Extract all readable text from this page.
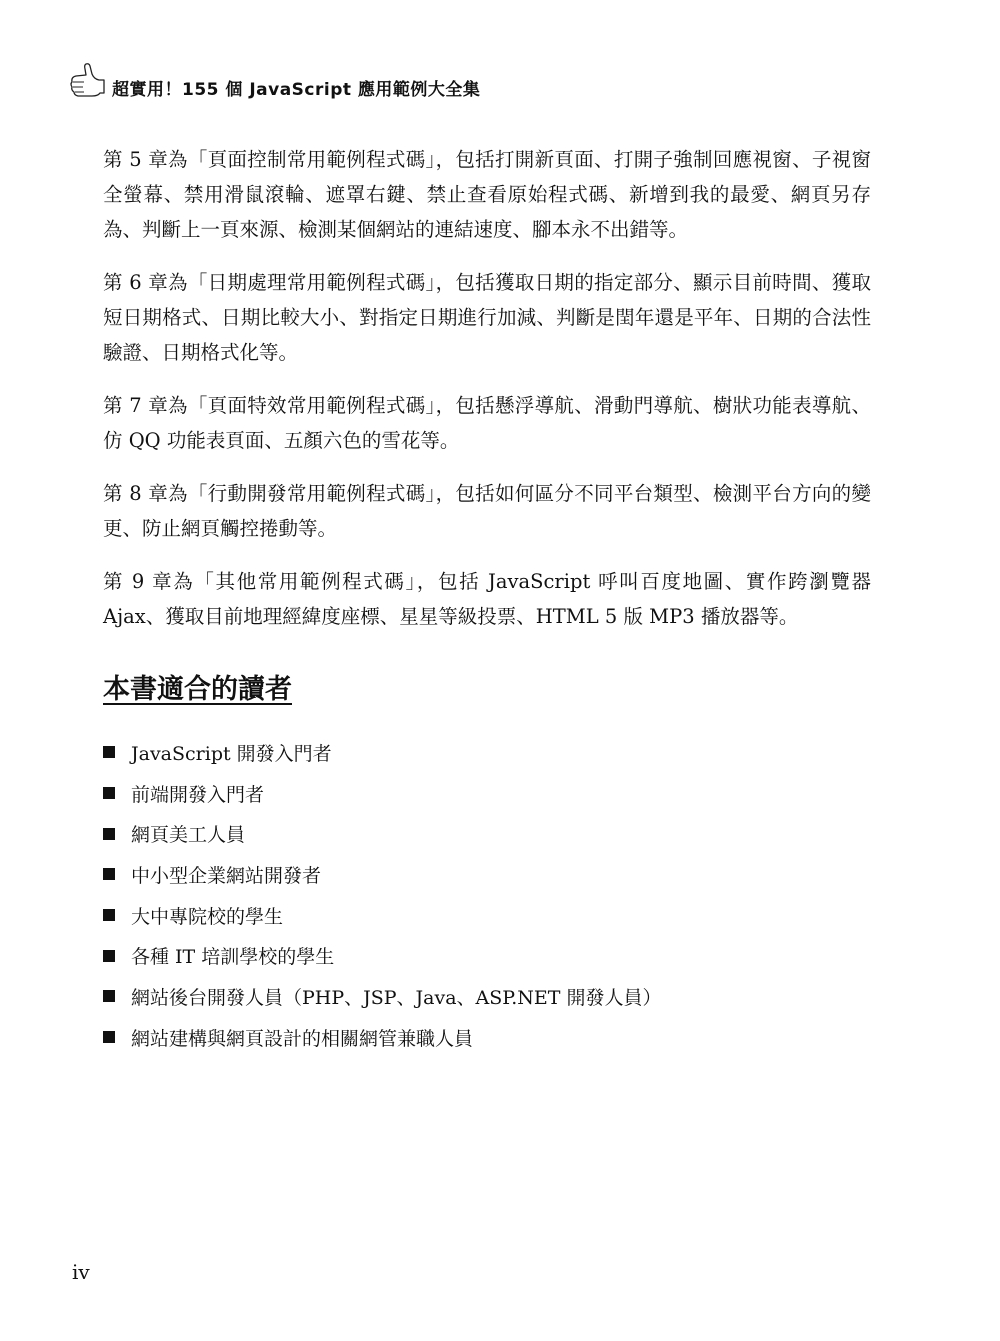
超實用！155 個 JavaScript 應用範例大全集

第 5 章為「頁面控制常用範例程式碼」，包括打開新頁面、打開子強制回應視窗、子視窗全螢幕、禁用滑鼠滾輪、遮罩右鍵、禁止查看原始程式碼、新增到我的最愛、網頁另存為、判斷上一頁來源、檢測某個網站的連結速度、腳本永不出錯等。

第 6 章為「日期處理常用範例程式碼」，包括獲取日期的指定部分、顯示目前時間、獲取短日期格式、日期比較大小、對指定日期進行加減、判斷是閏年還是平年、日期的合法性驗證、日期格式化等。

第 7 章為「頁面特效常用範例程式碼」，包括懸浮導航、滑動門導航、樹狀功能表導航、仿 QQ 功能表頁面、五顏六色的雪花等。

第 8 章為「行動開發常用範例程式碼」，包括如何區分不同平台類型、檢測平台方向的變更、防止網頁觸控捲動等。

第 9 章為「其他常用範例程式碼」，包括 JavaScript 呼叫百度地圖、實作跨瀏覽器 Ajax、獲取目前地理經緯度座標、星星等級投票、HTML 5 版 MP3 播放器等。

本書適合的讀者
JavaScript 開發入門者
前端開發入門者
網頁美工人員
中小型企業網站開發者
大中專院校的學生
各種 IT 培訓學校的學生
網站後台開發人員（PHP、JSP、Java、ASP.NET 開發人員）
網站建構與網頁設計的相關網管兼職人員
iv
